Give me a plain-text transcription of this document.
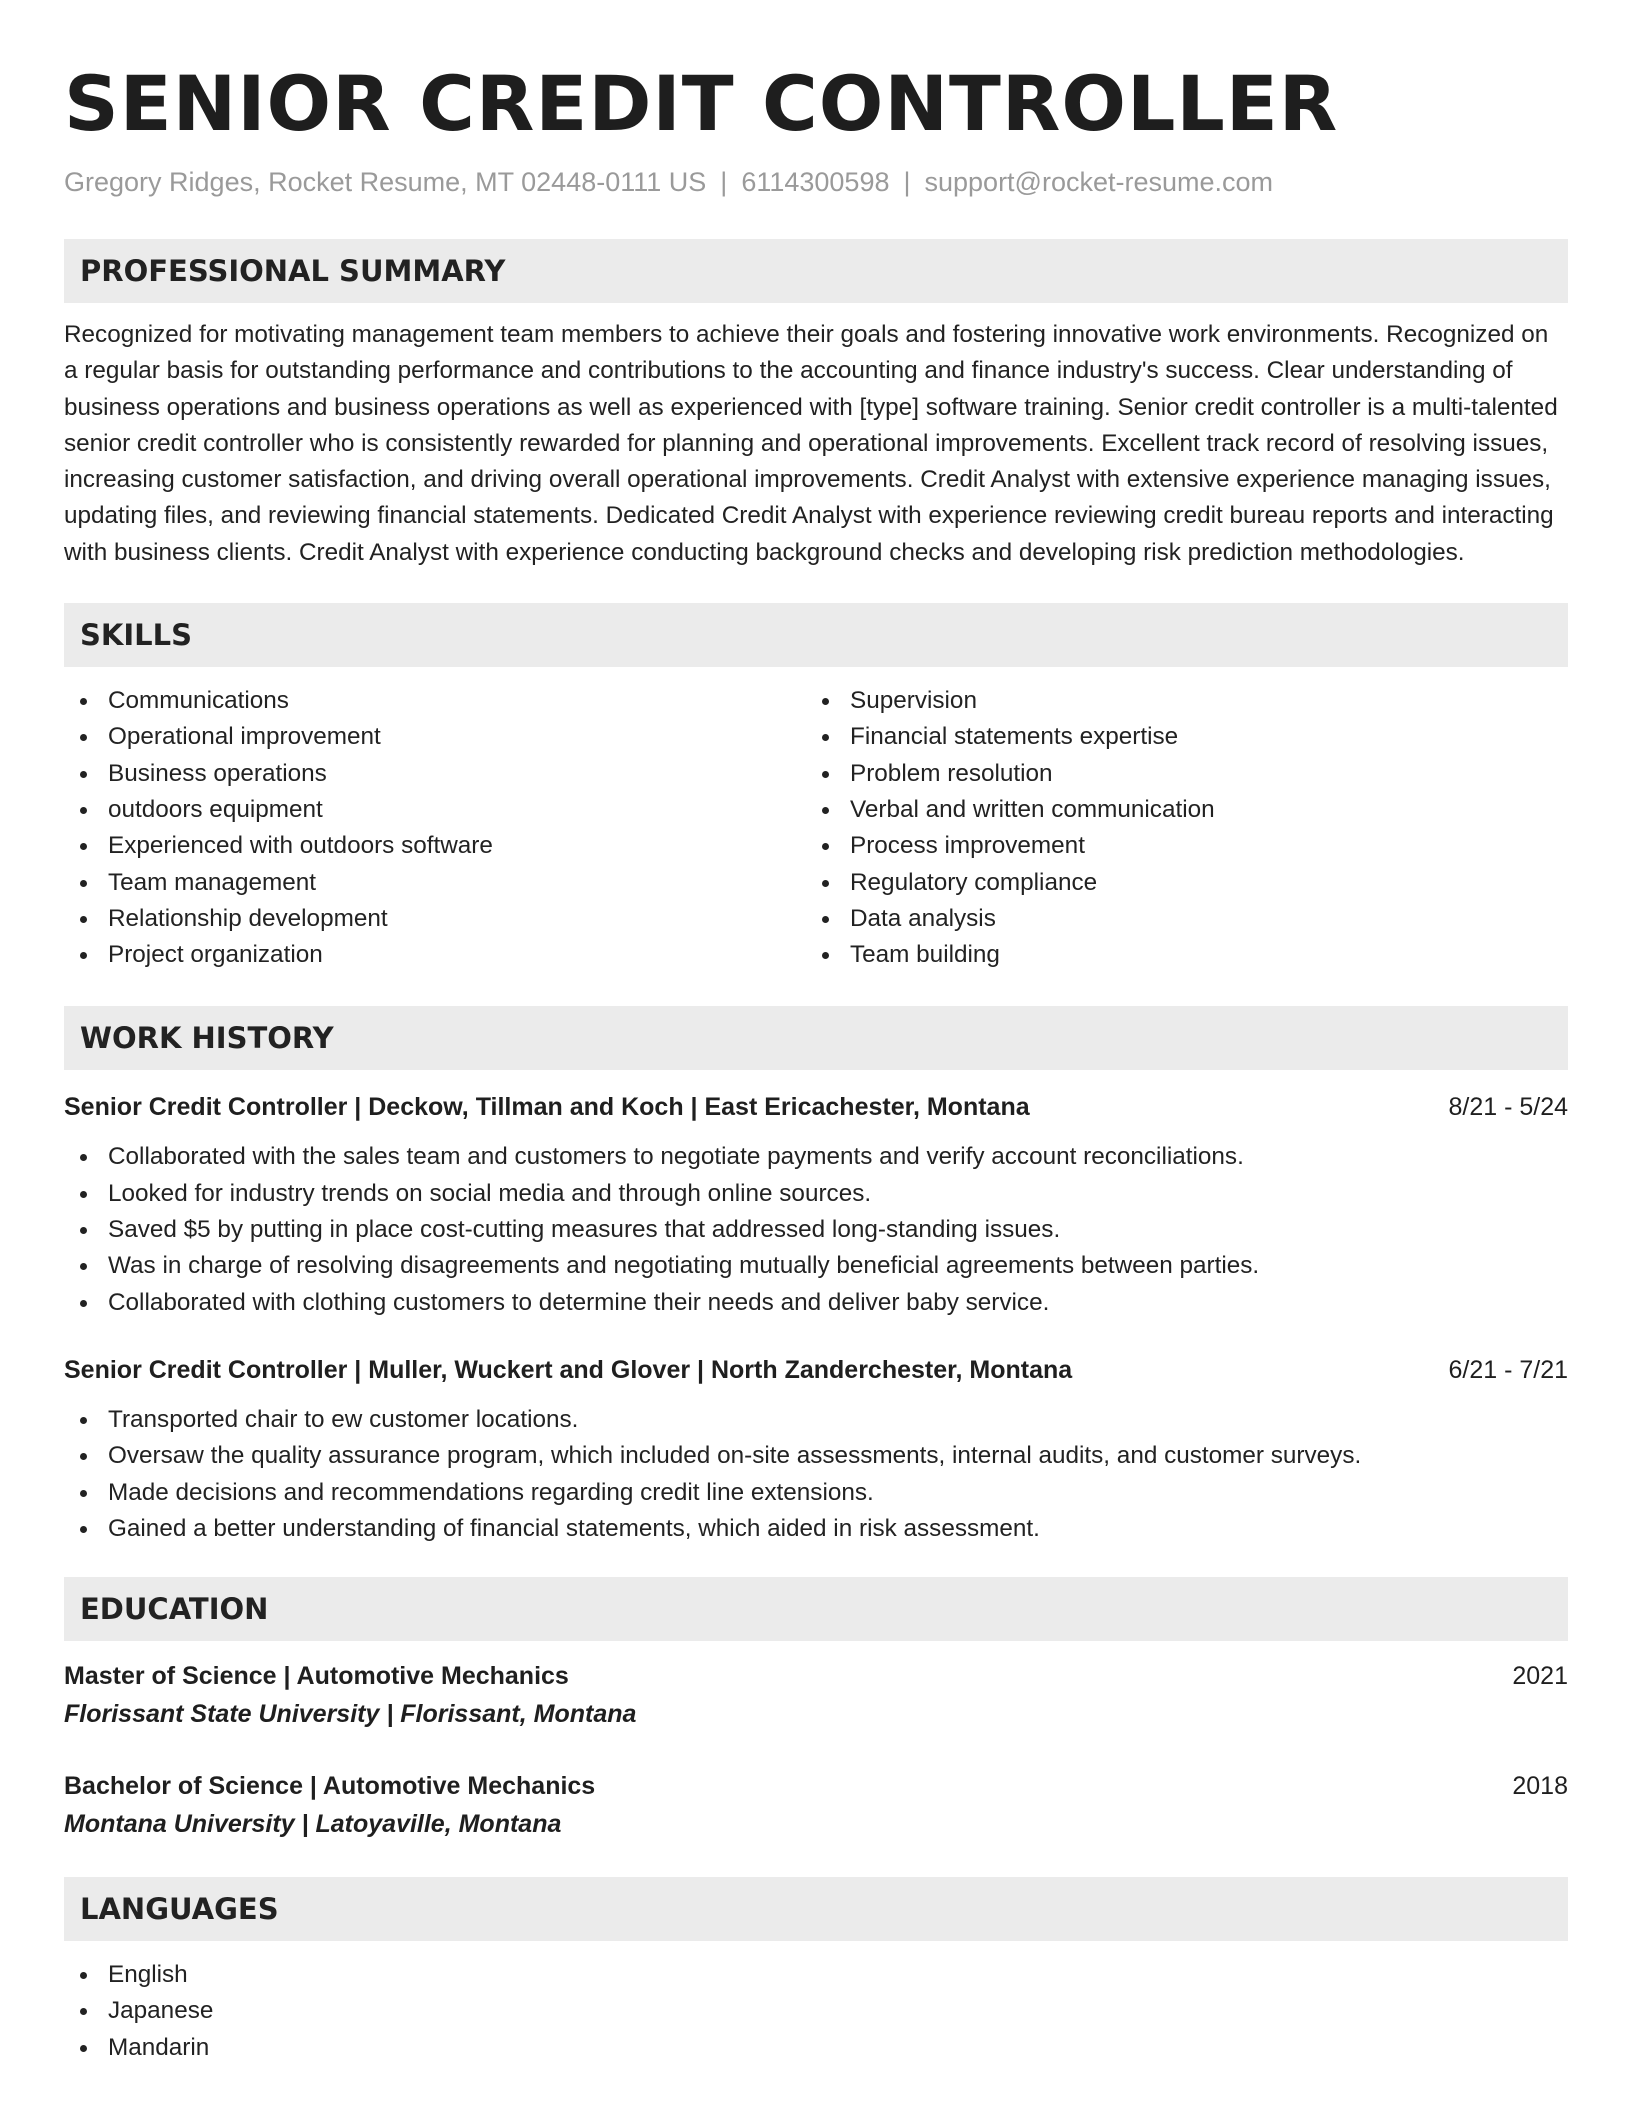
SENIOR CREDIT CONTROLLER
Gregory Ridges, Rocket Resume, MT 02448-0111 US | 6114300598 | support@rocket-resume.com
PROFESSIONAL SUMMARY

Recognized for motivating management team members to achieve their goals and fostering innovative work environments. Recognized on a regular basis for outstanding performance and contributions to the accounting and finance industry's success. Clear understanding of business operations and business operations as well as experienced with [type] software training. Senior credit controller is a multi-talented senior credit controller who is consistently rewarded for planning and operational improvements. Excellent track record of resolving issues, increasing customer satisfaction, and driving overall operational improvements. Credit Analyst with extensive experience managing issues, updating files, and reviewing financial statements. Dedicated Credit Analyst with experience reviewing credit bureau reports and interacting with business clients. Credit Analyst with experience conducting background checks and developing risk prediction methodologies.

SKILLS
Communications
Operational improvement
Business operations
outdoors equipment
Experienced with outdoors software
Team management
Relationship development
Project organization
Supervision
Financial statements expertise
Problem resolution
Verbal and written communication
Process improvement
Regulatory compliance
Data analysis
Team building
WORK HISTORY
Senior Credit Controller | Deckow, Tillman and Koch | East Ericachester, Montana	8/21 - 5/24
Collaborated with the sales team and customers to negotiate payments and verify account reconciliations.
Looked for industry trends on social media and through online sources.
Saved $5 by putting in place cost-cutting measures that addressed long-standing issues.
Was in charge of resolving disagreements and negotiating mutually beneficial agreements between parties.
Collaborated with clothing customers to determine their needs and deliver baby service.
Senior Credit Controller | Muller, Wuckert and Glover | North Zanderchester, Montana	6/21 - 7/21
Transported chair to ew customer locations.
Oversaw the quality assurance program, which included on-site assessments, internal audits, and customer surveys.
Made decisions and recommendations regarding credit line extensions.
Gained a better understanding of financial statements, which aided in risk assessment.
EDUCATION
Master of Science | Automotive Mechanics	2021
Florissant State University | Florissant, Montana
Bachelor of Science | Automotive Mechanics	2018
Montana University | Latoyaville, Montana
LANGUAGES
English
Japanese
Mandarin
